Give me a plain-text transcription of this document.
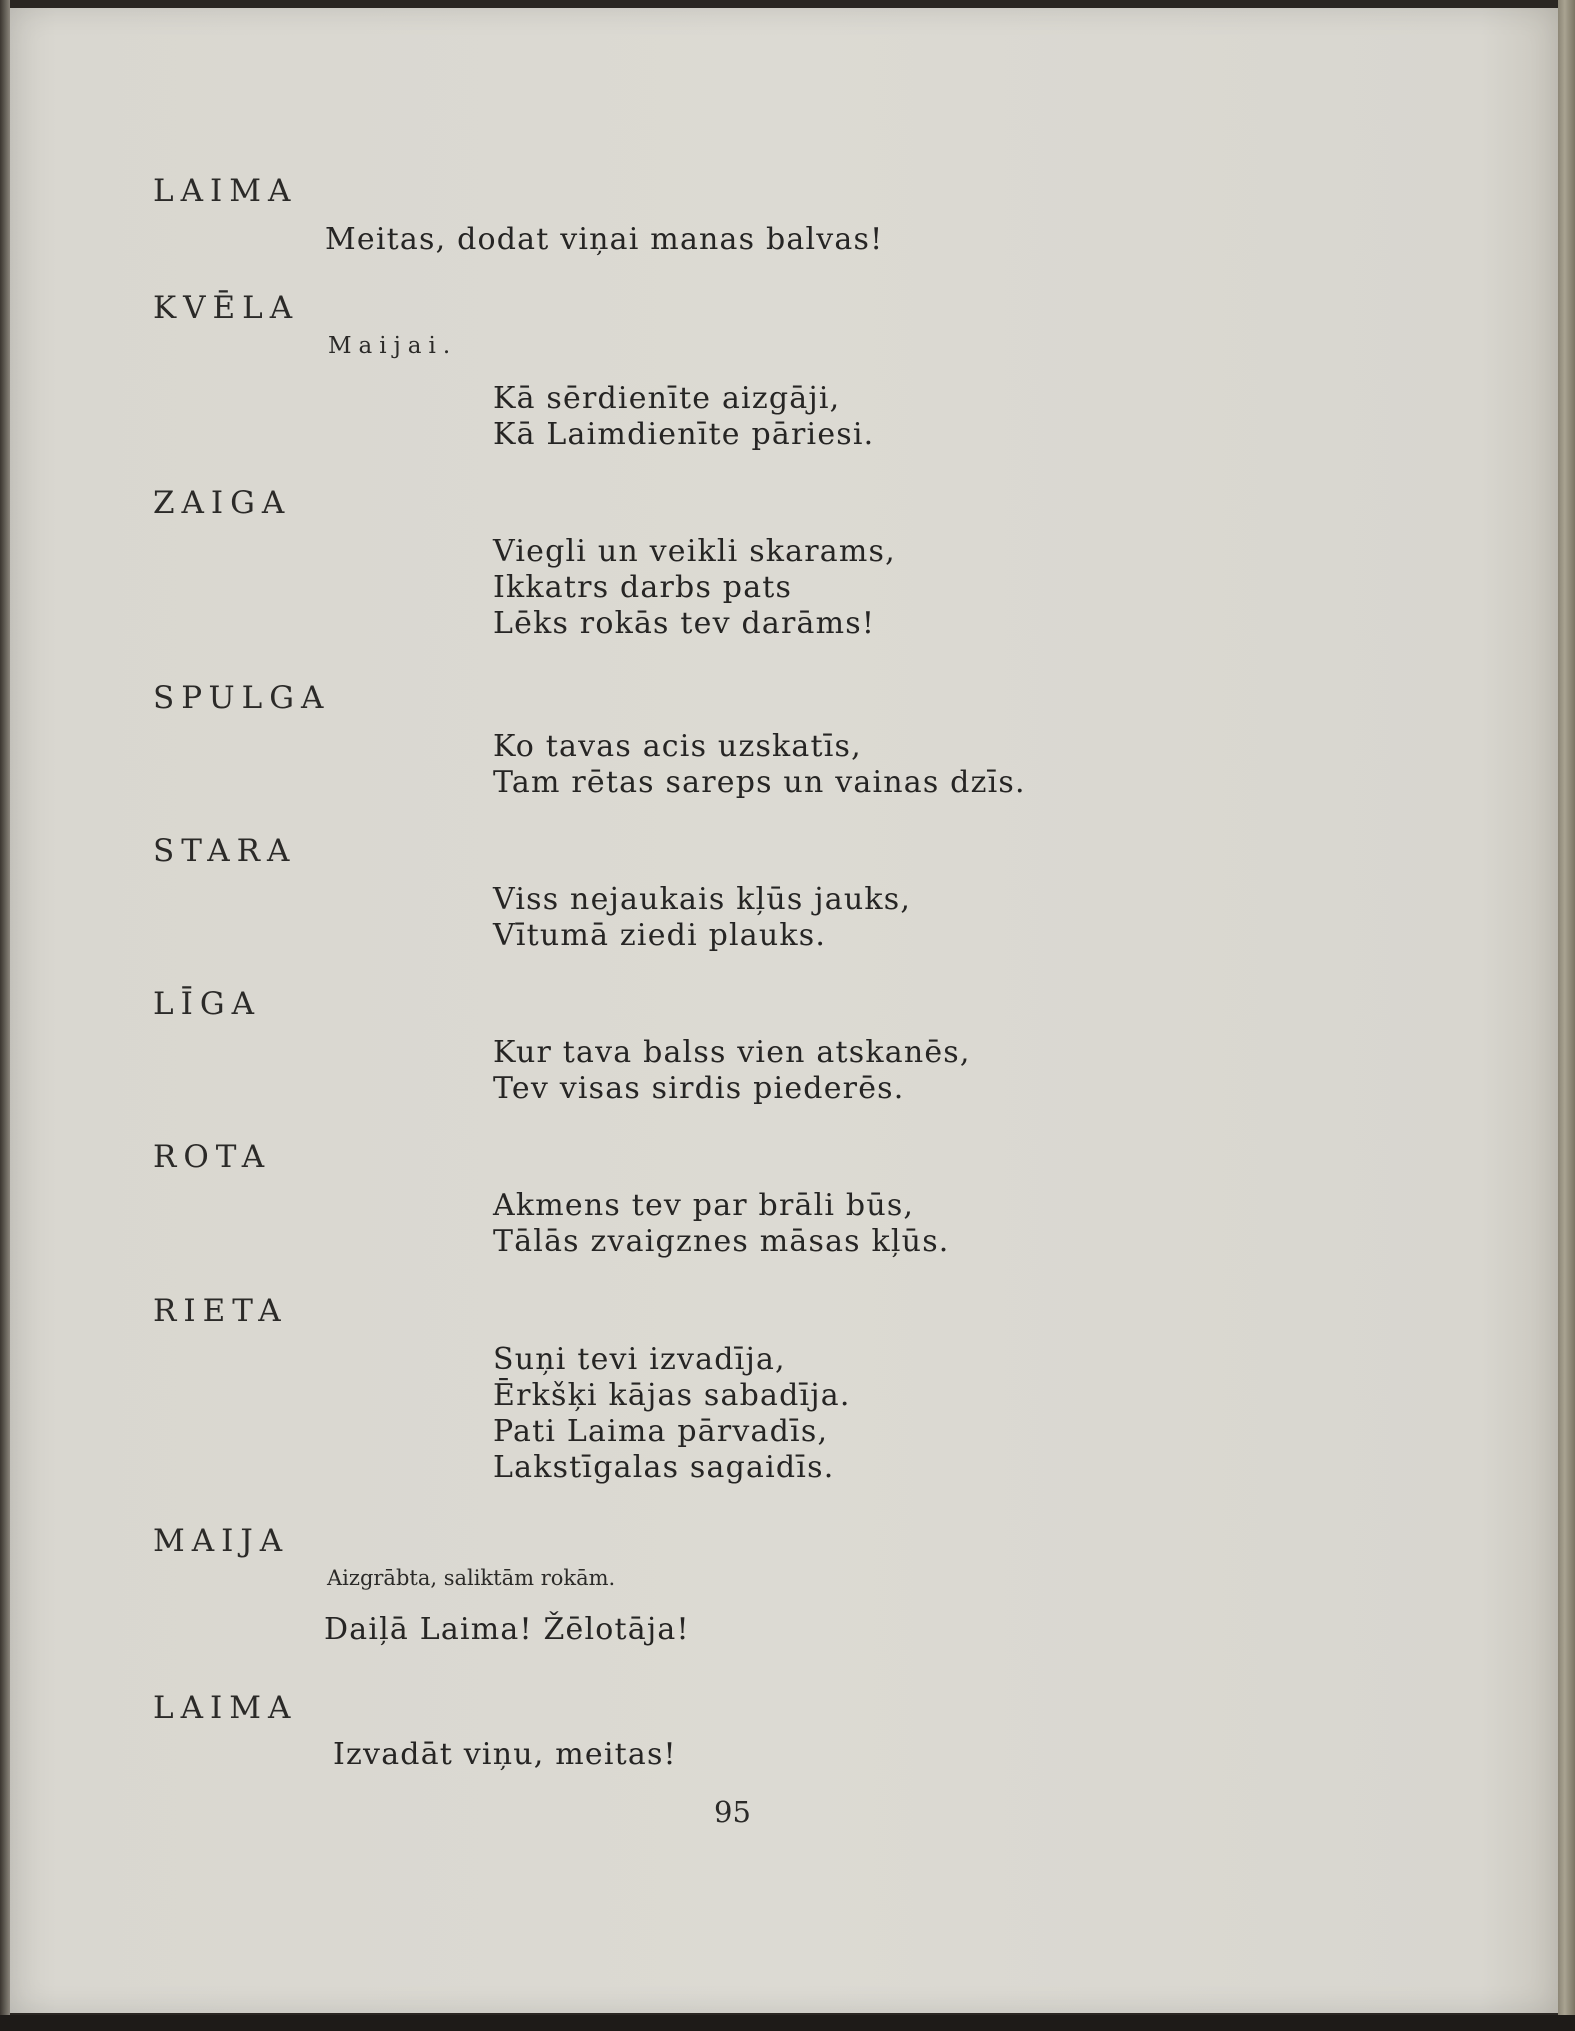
LAIMA
Meitas, dodat viņai manas balvas!
KVĒLA
Maijai.
Kā sērdienīte aizgāji,
Kā Laimdienīte pāriesi.
ZAIGA
Viegli un veikli skarams,
Ikkatrs darbs pats
Lēks rokās tev darāms!
SPULGA
Ko tavas acis uzskatīs,
Tam rētas sareps un vainas dzīs.
STARA
Viss nejaukais kļūs jauks,
Vītumā ziedi plauks.
LĪGA
Kur tava balss vien atskanēs,
Tev visas sirdis piederēs.
ROTA
Akmens tev par brāli būs,
Tālās zvaigznes māsas kļūs.
RIETA
Suņi tevi izvadīja,
Ērkšķi kājas sabadīja.
Pati Laima pārvadīs,
Lakstīgalas sagaidīs.
MAIJA
Aizgrābta, saliktām rokām.
Daiļā Laima! Žēlotāja!
LAIMA
Izvadāt viņu, meitas!
95
